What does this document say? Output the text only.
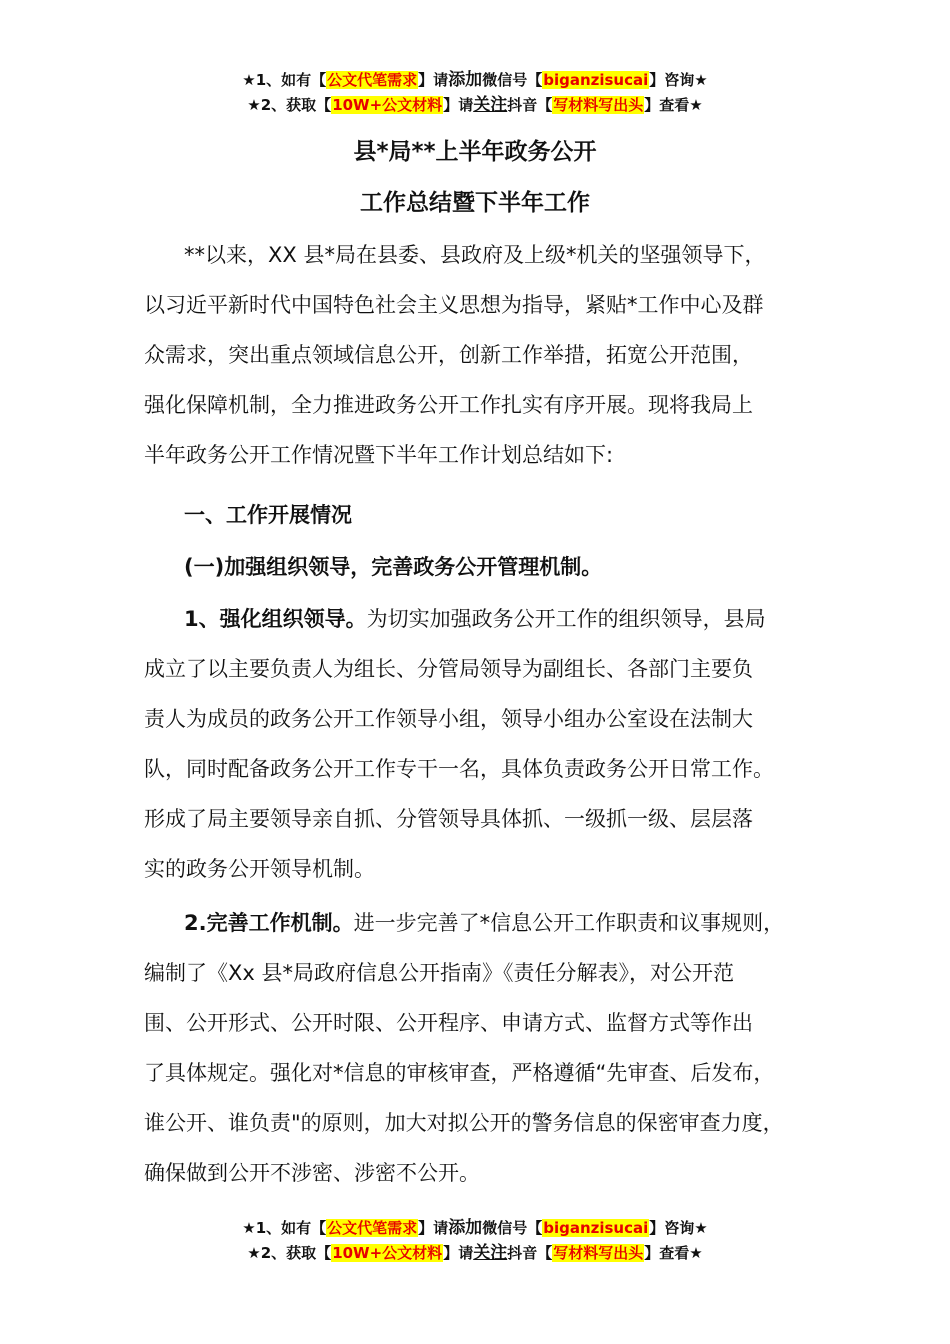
★1、如有【公文代笔需求】请添加微信号【biganzisucai】咨询★
★2、获取【10W+公文材料】请关注抖音【写材料写出头】查看★
县*局**上半年政务公开
工作总结暨下半年工作
**以来，XX 县*局在县委、县政府及上级*机关的坚强领导下，
以习近平新时代中国特色社会主义思想为指导，紧贴*工作中心及群
众需求，突出重点领域信息公开，创新工作举措，拓宽公开范围，
强化保障机制，全力推进政务公开工作扎实有序开展。现将我局上
半年政务公开工作情况暨下半年工作计划总结如下:
一、工作开展情况
(一)加强组织领导，完善政务公开管理机制。
1、强化组织领导。为切实加强政务公开工作的组织领导，县局
成立了以主要负责人为组长、分管局领导为副组长、各部门主要负
责人为成员的政务公开工作领导小组，领导小组办公室设在法制大
队，同时配备政务公开工作专干一名，具体负责政务公开日常工作。
形成了局主要领导亲自抓、分管领导具体抓、一级抓一级、层层落
实的政务公开领导机制。
2.完善工作机制。进一步完善了*信息公开工作职责和议事规则，
编制了《Xx 县*局政府信息公开指南》《责任分解表》，对公开范
围、公开形式、公开时限、公开程序、申请方式、监督方式等作出
了具体规定。强化对*信息的审核审查，严格遵循“先审查、后发布，
谁公开、谁负责"的原则，加大对拟公开的警务信息的保密审查力度，
确保做到公开不涉密、涉密不公开。
★1、如有【公文代笔需求】请添加微信号【biganzisucai】咨询★
★2、获取【10W+公文材料】请关注抖音【写材料写出头】查看★
